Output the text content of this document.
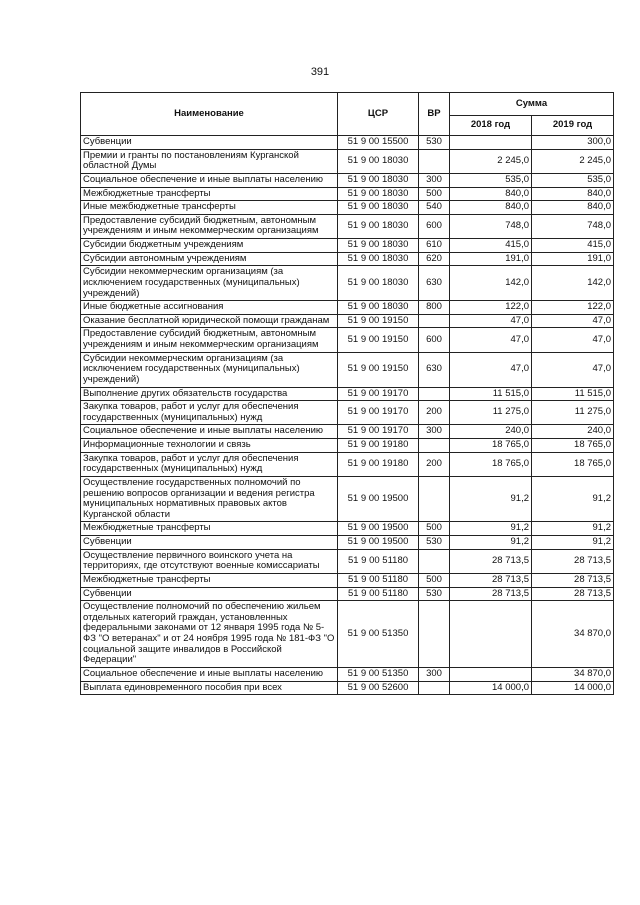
391
Наименование	ЦСР	ВР	Сумма	
			2018 год	2019 год
Субвенции	51 9 00 15500	530		300,0
Премии и гранты по постановлениям Курганской областной Думы	51 9 00 18030		2 245,0	2 245,0
Социальное обеспечение и иные выплаты населению	51 9 00 18030	300	535,0	535,0
Межбюджетные трансферты	51 9 00 18030	500	840,0	840,0
Иные межбюджетные трансферты	51 9 00 18030	540	840,0	840,0
Предоставление субсидий бюджетным, автономным учреждениям и иным некоммерческим организациям	51 9 00 18030	600	748,0	748,0
Субсидии бюджетным учреждениям	51 9 00 18030	610	415,0	415,0
Субсидии автономным учреждениям	51 9 00 18030	620	191,0	191,0
Субсидии некоммерческим организациям (за исключением государственных (муниципальных) учреждений)	51 9 00 18030	630	142,0	142,0
Иные бюджетные ассигнования	51 9 00 18030	800	122,0	122,0
Оказание бесплатной юридической помощи гражданам	51 9 00 19150		47,0	47,0
Предоставление субсидий бюджетным, автономным учреждениям и иным некоммерческим организациям	51 9 00 19150	600	47,0	47,0
Субсидии некоммерческим организациям (за исключением государственных (муниципальных) учреждений)	51 9 00 19150	630	47,0	47,0
Выполнение других обязательств государства	51 9 00 19170		11 515,0	11 515,0
Закупка товаров, работ и услуг для обеспечения государственных (муниципальных) нужд	51 9 00 19170	200	11 275,0	11 275,0
Социальное обеспечение и иные выплаты населению	51 9 00 19170	300	240,0	240,0
Информационные технологии и связь	51 9 00 19180		18 765,0	18 765,0
Закупка товаров, работ и услуг для обеспечения государственных (муниципальных) нужд	51 9 00 19180	200	18 765,0	18 765,0
Осуществление государственных полномочий по решению вопросов организации и ведения регистра муниципальных нормативных правовых актов Курганской области	51 9 00 19500		91,2	91,2
Межбюджетные трансферты	51 9 00 19500	500	91,2	91,2
Субвенции	51 9 00 19500	530	91,2	91,2
Осуществление первичного воинского учета на территориях, где отсутствуют военные комиссариаты	51 9 00 51180		28 713,5	28 713,5
Межбюджетные трансферты	51 9 00 51180	500	28 713,5	28 713,5
Субвенции	51 9 00 51180	530	28 713,5	28 713,5
Осуществление полномочий по обеспечению жильем отдельных категорий граждан, установленных федеральными законами от 12 января 1995 года № 5-ФЗ "О ветеранах" и от 24 ноября 1995 года № 181-ФЗ "О социальной защите инвалидов в Российской Федерации"	51 9 00 51350			34 870,0
Социальное обеспечение и иные выплаты населению	51 9 00 51350	300		34 870,0
Выплата единовременного пособия при всех	51 9 00 52600		14 000,0	14 000,0
